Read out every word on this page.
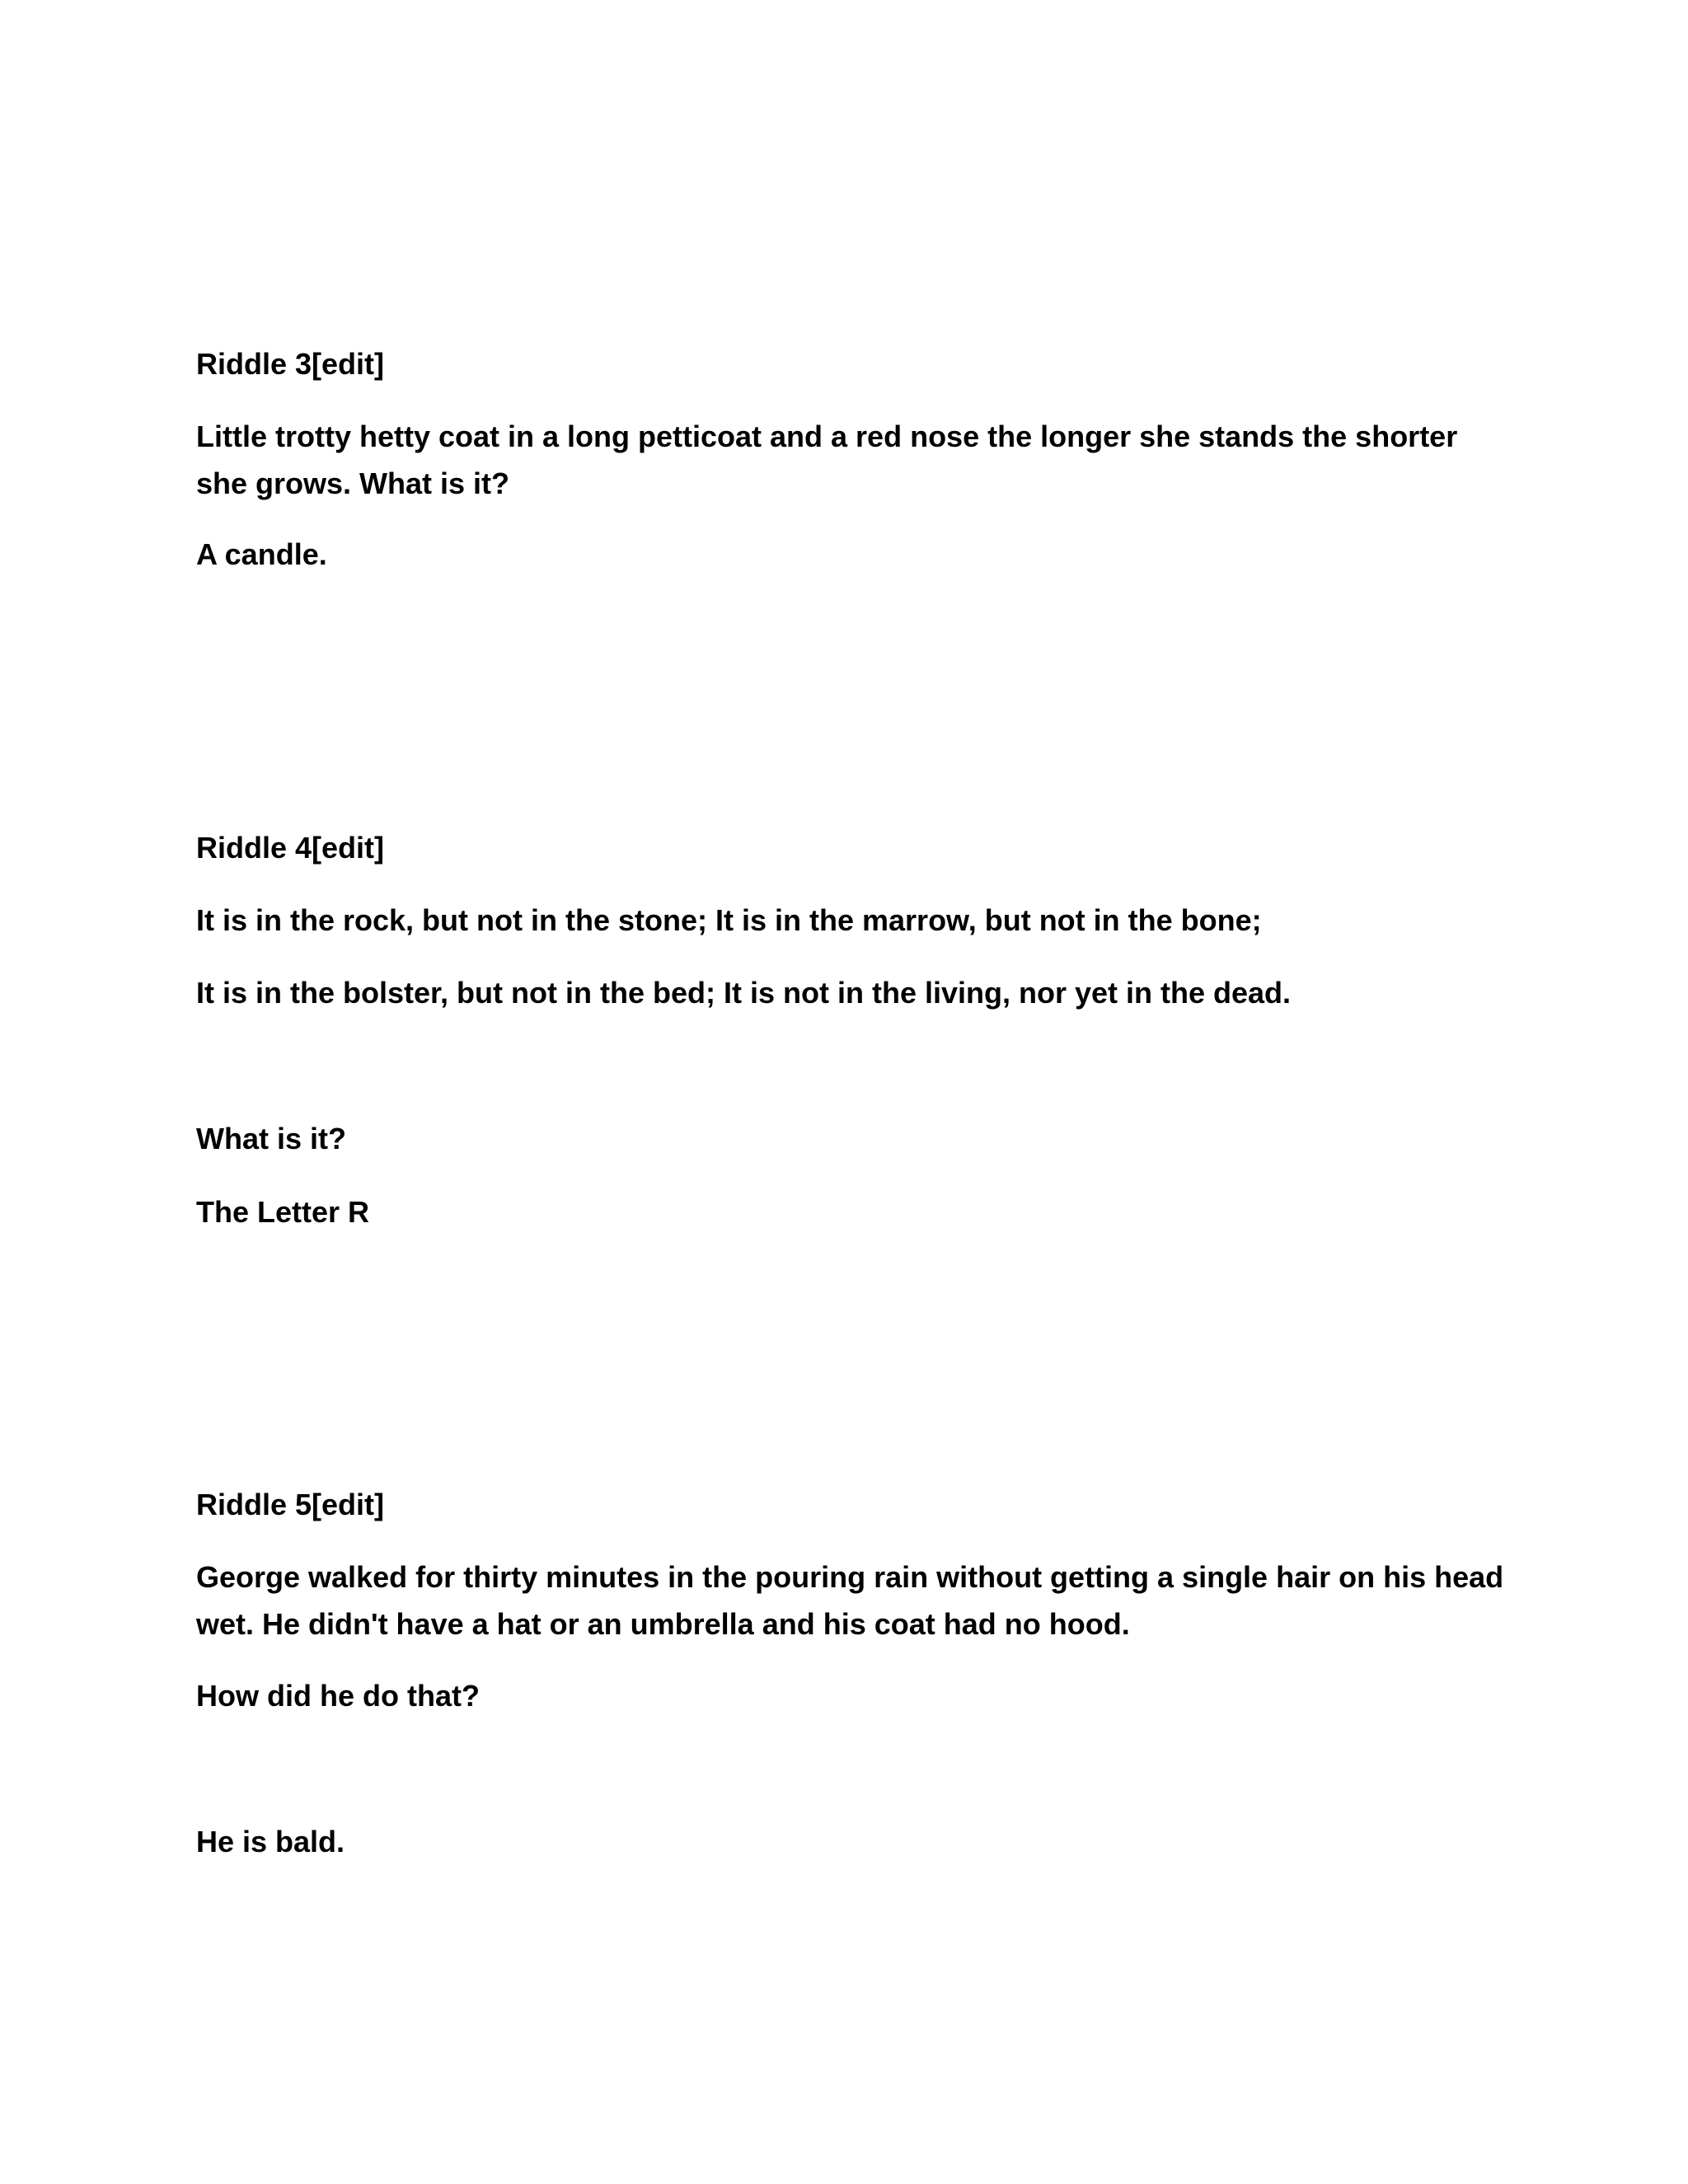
Riddle 3[edit]

Little trotty hetty coat in a long petticoat and a red nose the longer she stands the shorter she grows. What is it?

A candle.

Riddle 4[edit]

It is in the rock, but not in the stone; It is in the marrow, but not in the bone;

It is in the bolster, but not in the bed; It is not in the living, nor yet in the dead.

What is it?

The Letter R

Riddle 5[edit]

George walked for thirty minutes in the pouring rain without getting a single hair on his head wet. He didn't have a hat or an umbrella and his coat had no hood.

How did he do that?

He is bald.
